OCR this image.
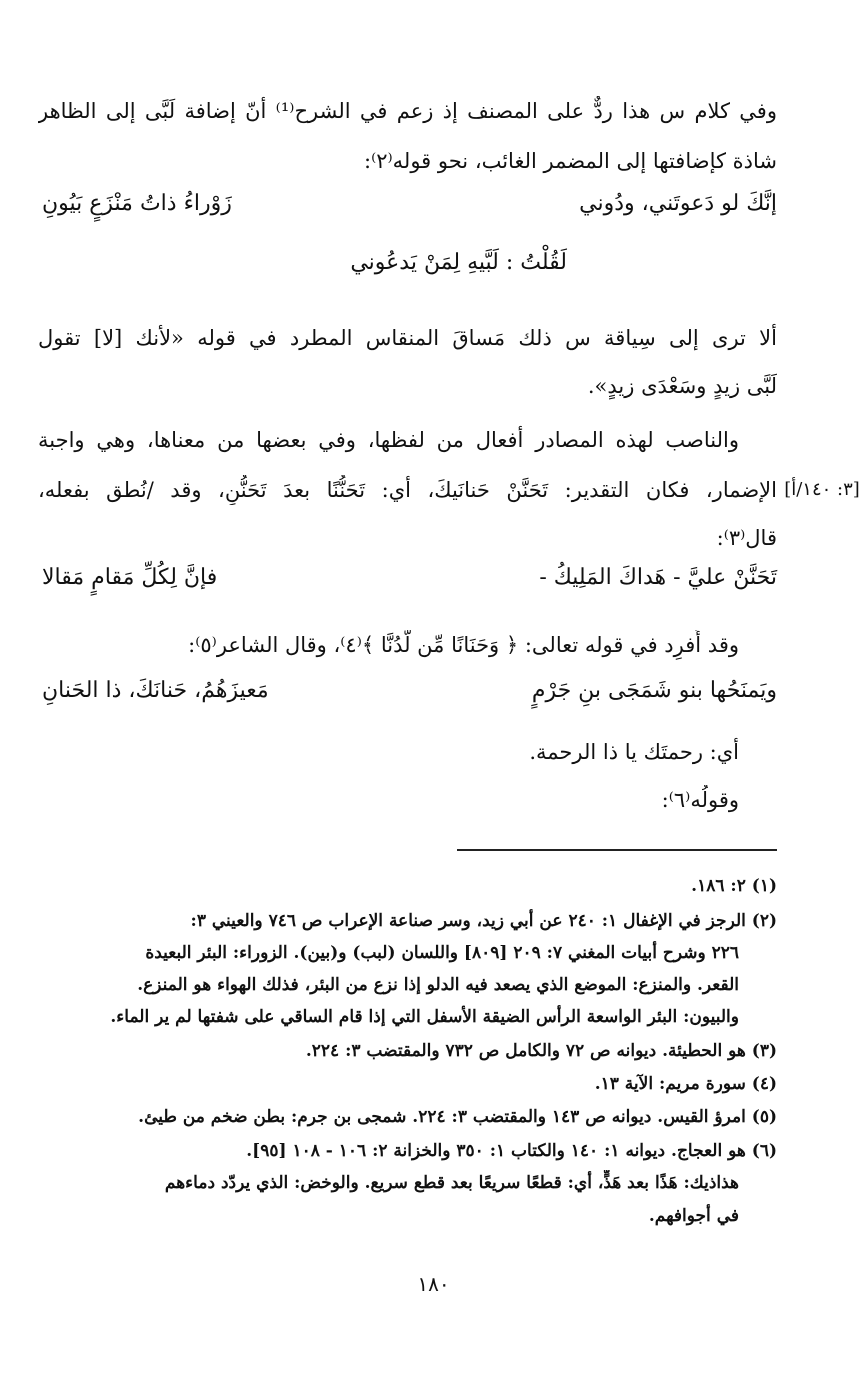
وفي كلام س هذا ردٌّ على المصنف إذ زعم في الشرح⁽¹⁾ أنّ إضافة لَبَّى إلى الظاهر
شاذة كإضافتها إلى المضمر الغائب، نحو قوله⁽٢⁾:
إنَّكَ لو دَعوتَني، ودُوني
زَوْراءُ ذاتُ مَنْزَعٍ بَيُونِ
لَقُلْتُ : لَبَّيهِ لِمَنْ يَدعُوني
ألا ترى إلى سِياقة س ذلك مَساقَ المنقاس المطرد في قوله «لأنك [لا] تقول
لَبَّى زيدٍ وسَعْدَى زيدٍ».
والناصب لهذه المصادر أفعال من لفظها، وفي بعضها من معناها، وهي واجبة
الإضمار، فكان التقدير: تَحَنَّنْ حَنانَيكَ، أي: تَحَنُّنًا بعدَ تَحَنُّنٍ، وقد /نُطق بفعله، [٣: ١٤٠/أ]
قال⁽٣⁾:
تَحَنَّنْ عليَّ - هَداكَ المَلِيكُ -
فإنَّ لِكُلِّ مَقامٍ مَقالا
وقد أُفرِد في قوله تعالى: ﴿ وَحَنَانًا مِّن لَّدُنَّا ﴾⁽٤⁾، وقال الشاعر⁽٥⁾:
ويَمنَحُها بنو شَمَجَى بنِ جَرْمٍ
مَعيزَهُمُ، حَنانَكَ، ذا الحَنانِ
أي: رحمتَك يا ذا الرحمة.
وقولُه⁽٦⁾:
(١) ٢: ١٨٦.
(٢) الرجز في الإغفال ١: ٢٤٠ عن أبي زيد، وسر صناعة الإعراب ص ٧٤٦ والعيني ٣:
٢٢٦ وشرح أبيات المغني ٧: ٢٠٩ [٨٠٩] واللسان (لبب) و(بين). الزوراء: البئر البعيدة
القعر. والمنزع: الموضع الذي يصعد فيه الدلو إذا نزع من البئر، فذلك الهواء هو المنزع.
والبيون: البئر الواسعة الرأس الضيقة الأسفل التي إذا قام الساقي على شفتها لم ير الماء.
(٣) هو الحطيئة. ديوانه ص ٧٢ والكامل ص ٧٣٢ والمقتضب ٣: ٢٢٤.
(٤) سورة مريم: الآية ١٣.
(٥) امرؤ القيس. ديوانه ص ١٤٣ والمقتضب ٣: ٢٢٤. شمجى بن جرم: بطن ضخم من طيئ.
(٦) هو العجاج. ديوانه ١: ١٤٠ والكتاب ١: ٣٥٠ والخزانة ٢: ١٠٦ - ١٠٨ [٩٥].
هذاذيك: هَذًا بعد هَذٍّ، أي: قطعًا سريعًا بعد قطع سريع. والوخض: الذي يردّد دماءهم
في أجوافهم.
١٨٠
